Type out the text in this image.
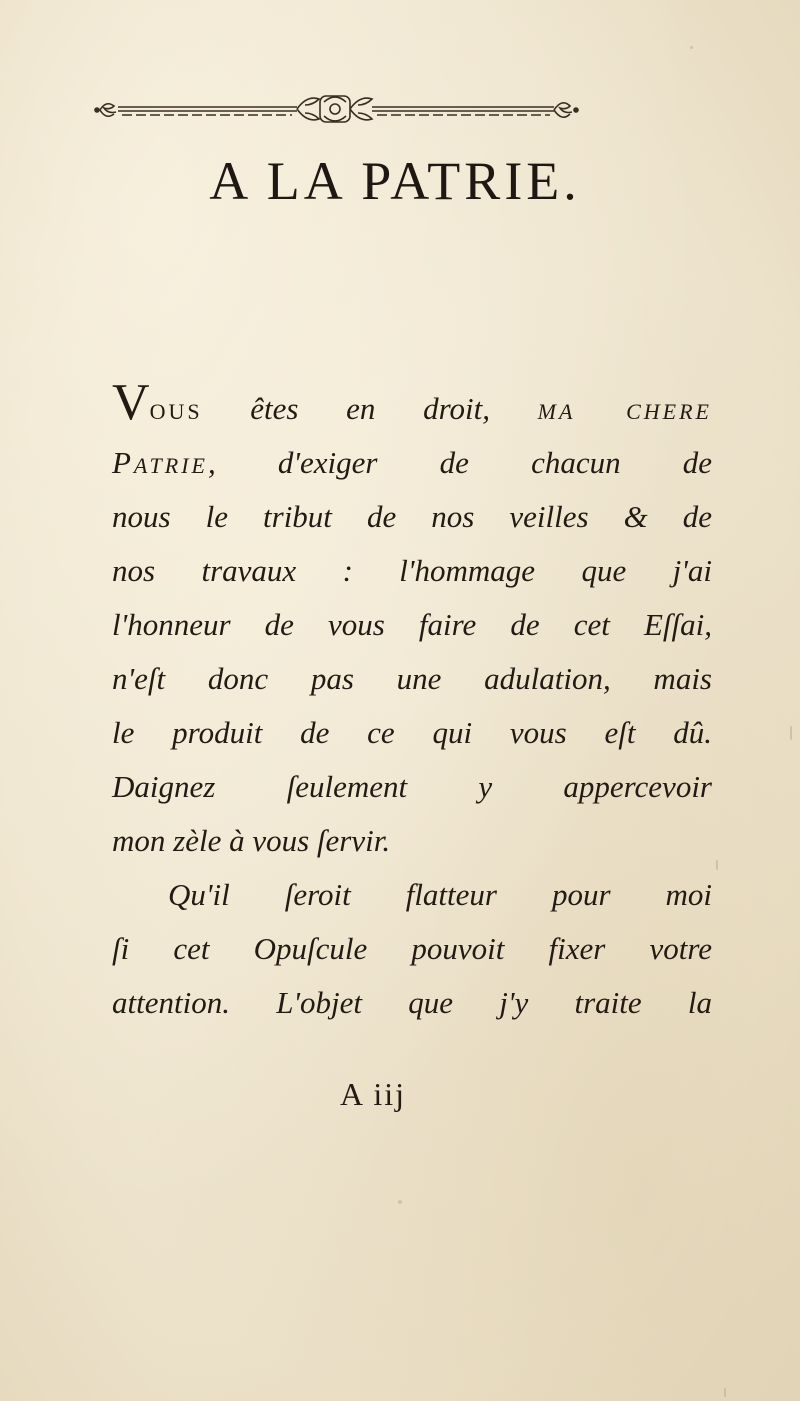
A LA PATRIE.
Vous êtes en droit, ma chere
Patrie, d'exiger de chacun de
nous le tribut de nos veilles & de
nos travaux : l'hommage que j'ai
l'honneur de vous faire de cet Eſſai,
n'eſt donc pas une adulation, mais
le produit de ce qui vous eſt dû.
Daignez ſeulement y appercevoir
mon zèle à vous ſervir.
Qu'il ſeroit flatteur pour moi
ſi cet Opuſcule pouvoit fixer votre
attention. L'objet que j'y traite la
A iij
